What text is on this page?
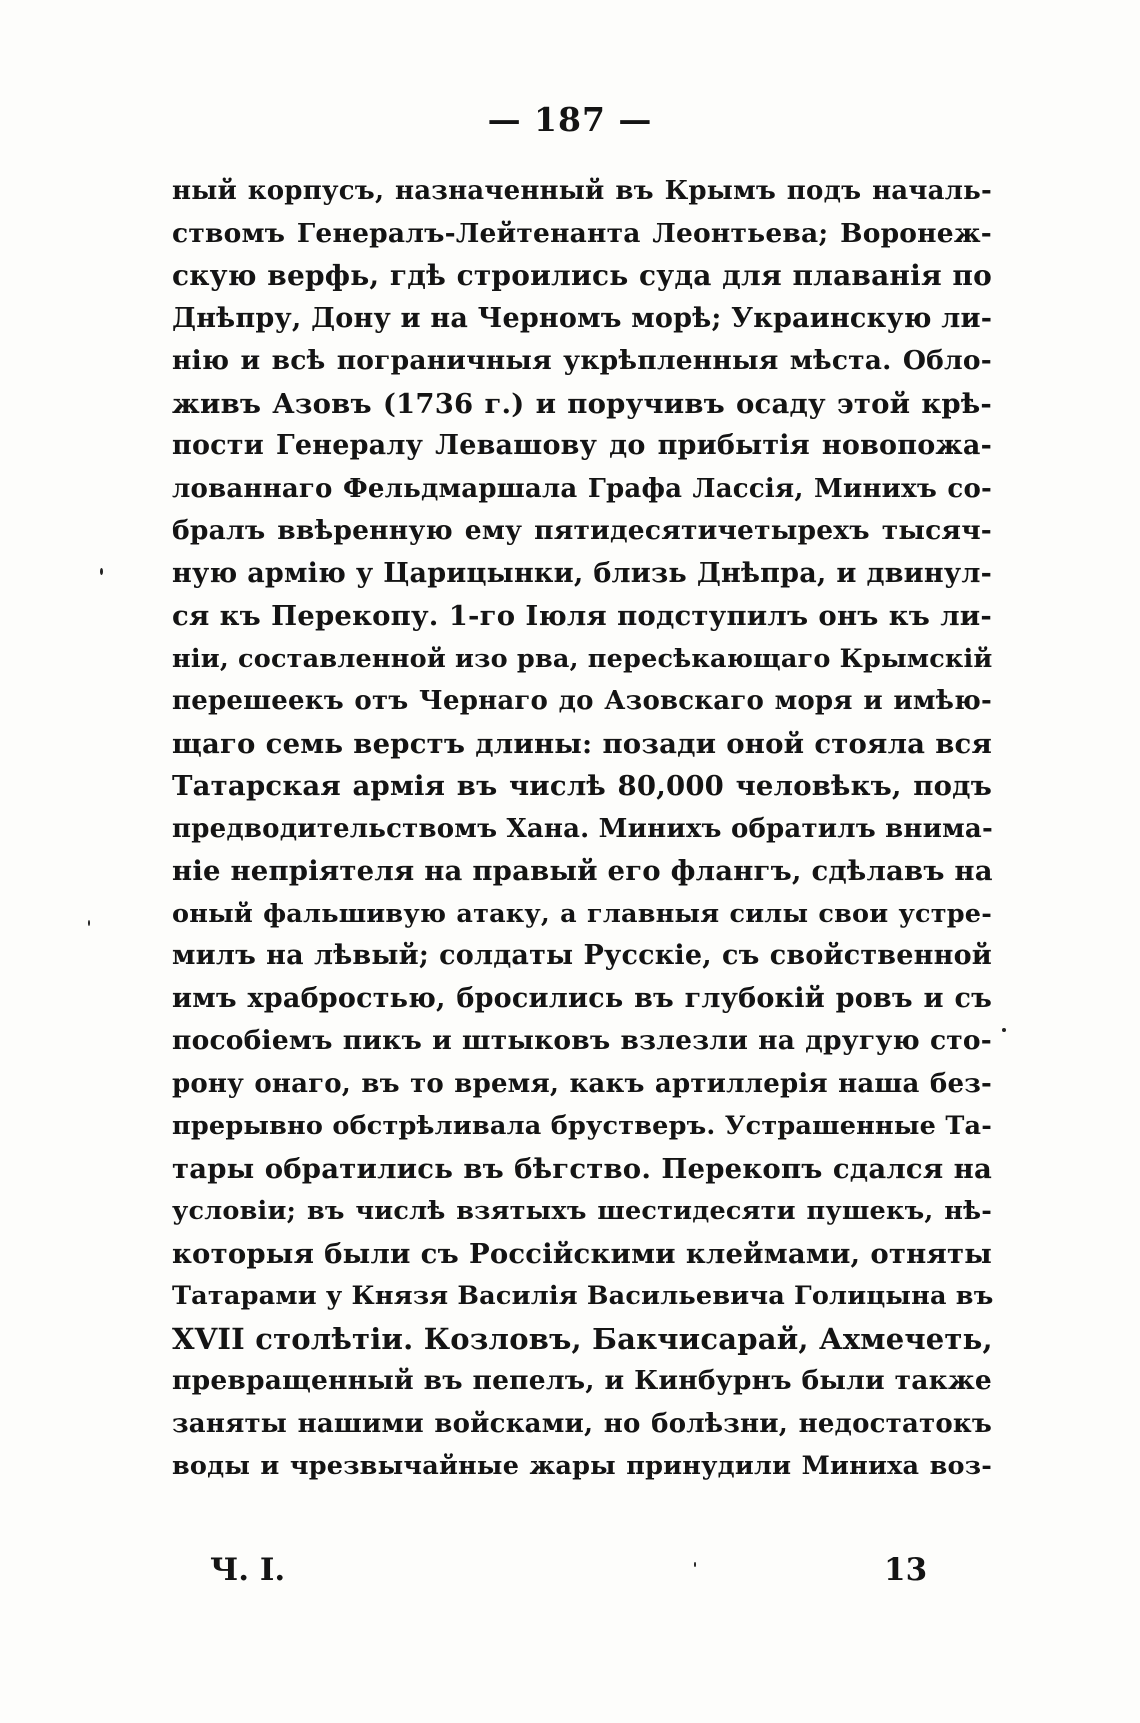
— 187 —
ный корпусъ, назначенный въ Крымъ подъ началь-
ствомъ Генералъ-Лейтенанта Леонтьева; Воронеж-
скую верфь, гдѣ строились суда для плаванія по
Днѣпру, Дону и на Черномъ морѣ; Украинскую ли-
нію и всѣ пограничныя укрѣпленныя мѣста. Обло-
живъ Азовъ (1736 г.) и поручивъ осаду этой крѣ-
пости Генералу Левашову до прибытія новопожа-
лованнаго Фельдмаршала Графа Лассія, Минихъ со-
бралъ ввѣренную ему пятидесятичетырехъ тысяч-
ную армію у Царицынки, близь Днѣпра, и двинул-
ся къ Перекопу. 1-го Іюля подступилъ онъ къ ли-
ніи, составленной изо рва, пересѣкающаго Крымскій
перешеекъ отъ Чернаго до Азовскаго моря и имѣю-
щаго семь верстъ длины: позади оной стояла вся
Татарская армія въ числѣ 80,000 человѣкъ, подъ
предводительствомъ Хана. Минихъ обратилъ внима-
ніе непріятеля на правый его флангъ, сдѣлавъ на
оный фальшивую атаку, а главныя силы свои устре-
милъ на лѣвый; солдаты Русскіе, съ свойственной
имъ храбростью, бросились въ глубокій ровъ и съ
пособіемъ пикъ и штыковъ взлезли на другую сто-
рону онаго, въ то время, какъ артиллерія наша без-
прерывно обстрѣливала брустверъ. Устрашенные Та-
тары обратились въ бѣгство. Перекопъ сдался на
условіи; въ числѣ взятыхъ шестидесяти пушекъ, нѣ-
которыя были съ Россійскими клеймами, отняты
Татарами у Князя Василія Васильевича Голицына въ
XVII столѣтіи. Козловъ, Бакчисарай, Ахмечеть,
превращенный въ пепелъ, и Кинбурнъ были также
заняты нашими войсками, но болѣзни, недостатокъ
воды и чрезвычайные жары принудили Миниха воз-
Ч. I.	13
